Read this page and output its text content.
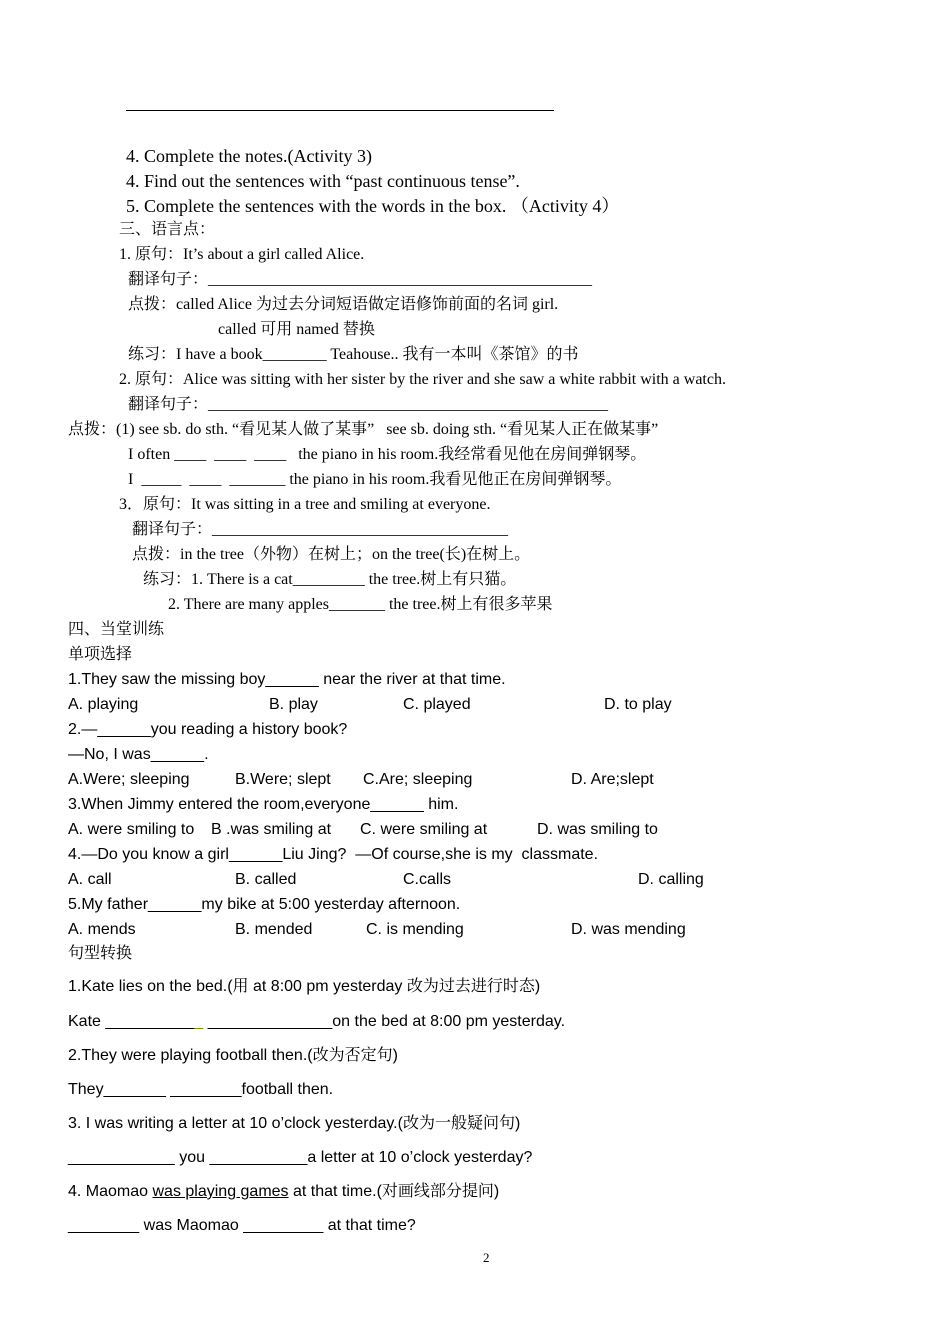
4. Complete the notes.(Activity 3)
4. Find out the sentences with “past continuous tense”.
5. Complete the sentences with the words in the box. （Activity 4）
三、语言点：
1. 原句：It’s about a girl called Alice.
翻译句子：________________________________________________
点拨：called Alice 为过去分词短语做定语修饰前面的名词 girl.
called 可用 named 替换
练习：I have a book________ Teahouse.. 我有一本叫《茶馆》的书
2. 原句：Alice was sitting with her sister by the river and she saw a white rabbit with a watch.
翻译句子：__________________________________________________
点拨：(1) see sb. do sth. “看见某人做了某事”   see sb. doing sth. “看见某人正在做某事”
I often ____  ____  ____   the piano in his room.我经常看见他在房间弹钢琴。
I  _____  ____  _______ the piano in his room.我看见他正在房间弹钢琴。
3．原句：It was sitting in a tree and smiling at everyone.
翻译句子：_____________________________________
点拨：in the tree（外物）在树上；on the tree(长)在树上。
练习：1. There is a cat_________ the tree.树上有只猫。
2. There are many apples_______ the tree.树上有很多苹果
四、当堂训练
单项选择
1.They saw the missing boy______ near the river at that time.
A. playing	B. play	C. played	D. to play
2.—______you reading a history book?
—No, I was______.
A.Were; sleeping	B.Were; slept C.Are; sleeping	D. Are;slept
3.When Jimmy entered the room,everyone______ him.
A. were smiling to B .was smiling at C. were smiling at	D. was smiling to
4.—Do you know a girl______Liu Jing?  —Of course,she is my  classmate.
A. call	B. called	C.calls	D. calling
5.My father______my bike at 5:00 yesterday afternoon.
A. mends	B. mended	C. is mending	D. was mending
句型转换
1.Kate lies on the bed.(用 at 8:00 pm yesterday 改为过去进行时态)
Kate ___________ ______________on the bed at 8:00 pm yesterday.
2.They were playing football then.(改为否定句)
They_______ ________football then.
3. I was writing a letter at 10 o’clock yesterday.(改为一般疑问句)
____________ you ___________a letter at 10 o’clock yesterday?
4. Maomao was playing games at that time.(对画线部分提问)
________ was Maomao _________ at that time?
2
